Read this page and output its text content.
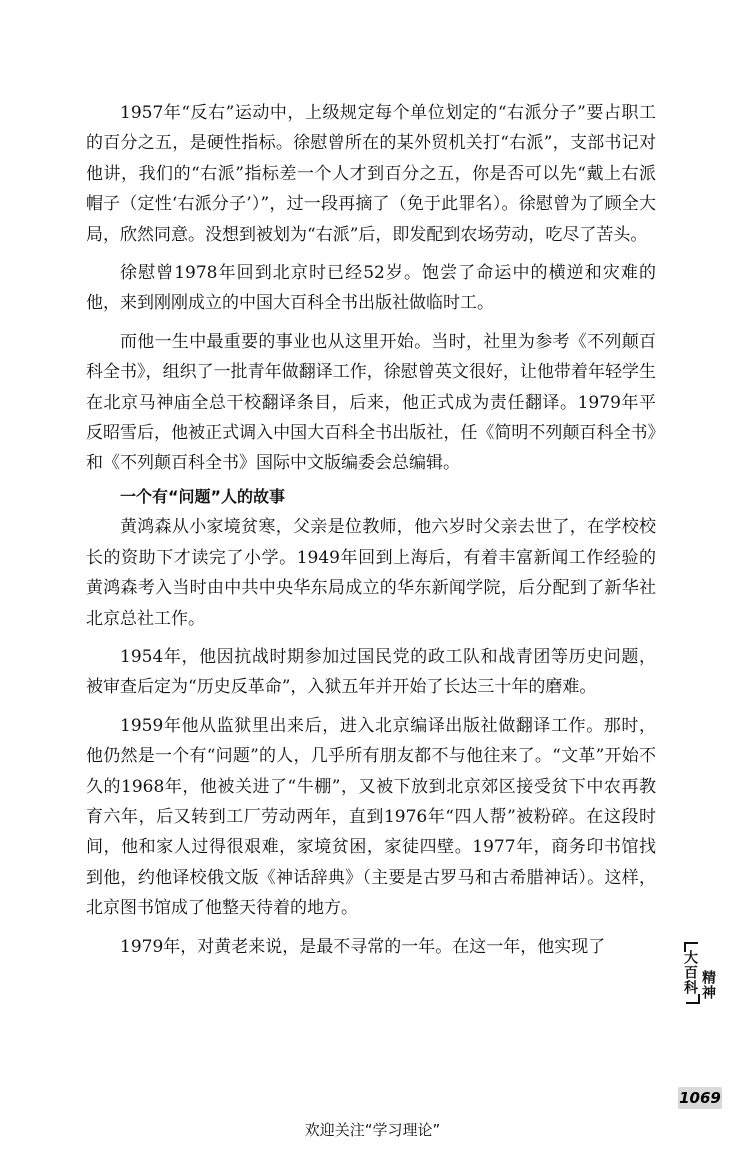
1957年“反右”运动中，上级规定每个单位划定的“右派分子”要占职工的百分之五，是硬性指标。徐慰曾所在的某外贸机关打“右派”，支部书记对他讲，我们的“右派”指标差一个人才到百分之五，你是否可以先“戴上右派帽子（定性‘右派分子’）”，过一段再摘了（免于此罪名）。徐慰曾为了顾全大局，欣然同意。没想到被划为“右派”后，即发配到农场劳动，吃尽了苦头。

徐慰曾1978年回到北京时已经52岁。饱尝了命运中的横逆和灾难的他，来到刚刚成立的中国大百科全书出版社做临时工。

而他一生中最重要的事业也从这里开始。当时，社里为参考《不列颠百科全书》，组织了一批青年做翻译工作，徐慰曾英文很好，让他带着年轻学生在北京马神庙全总干校翻译条目，后来，他正式成为责任翻译。1979年平反昭雪后，他被正式调入中国大百科全书出版社，任《简明不列颠百科全书》和《不列颠百科全书》国际中文版编委会总编辑。

一个有“问题”人的故事

黄鸿森从小家境贫寒，父亲是位教师，他六岁时父亲去世了，在学校校长的资助下才读完了小学。1949年回到上海后，有着丰富新闻工作经验的黄鸿森考入当时由中共中央华东局成立的华东新闻学院，后分配到了新华社北京总社工作。

1954年，他因抗战时期参加过国民党的政工队和战青团等历史问题，被审查后定为“历史反革命”，入狱五年并开始了长达三十年的磨难。

1959年他从监狱里出来后，进入北京编译出版社做翻译工作。那时，他仍然是一个有“问题”的人，几乎所有朋友都不与他往来了。“文革”开始不久的1968年，他被关进了“牛棚”，又被下放到北京郊区接受贫下中农再教育六年，后又转到工厂劳动两年，直到1976年“四人帮”被粉碎。在这段时间，他和家人过得很艰难，家境贫困，家徒四壁。1977年，商务印书馆找到他，约他译校俄文版《神话辞典》（主要是古罗马和古希腊神话）。这样，北京图书馆成了他整天待着的地方。

1979年，对黄老来说，是最不寻常的一年。在这一年，他实现了

大百科 精神
1069
欢迎关注“学习理论”
